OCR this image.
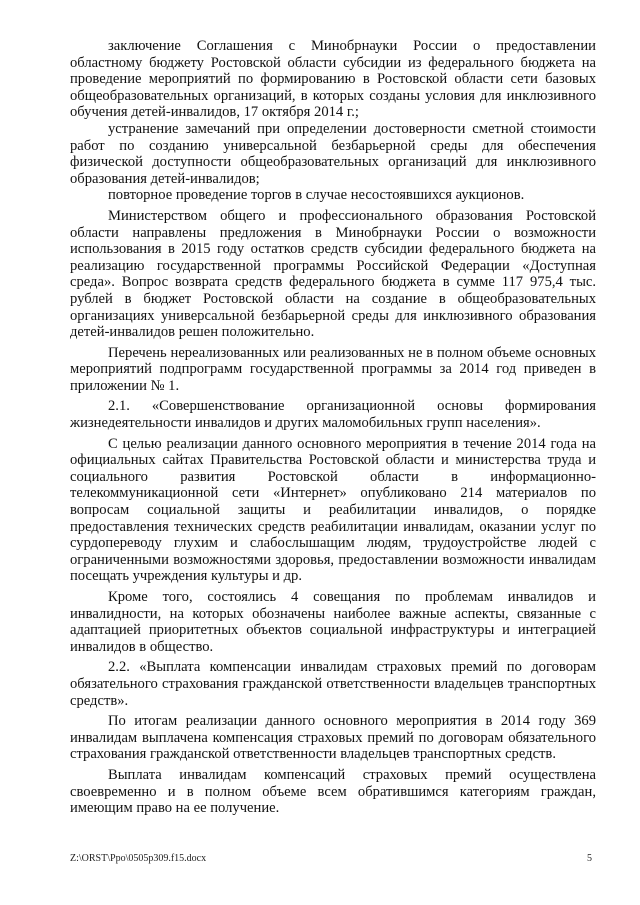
заключение Соглашения с Минобрнауки России о предоставлении областному бюджету Ростовской области субсидии из федерального бюджета на проведение мероприятий по формированию в Ростовской области сети базовых общеобразовательных организаций, в которых созданы условия для инклюзивного обучения детей-инвалидов, 17 октября 2014 г.;

устранение замечаний при определении достоверности сметной стоимости работ по созданию универсальной безбарьерной среды для обеспечения физической доступности общеобразовательных организаций для инклюзивного образования детей-инвалидов;

повторное проведение торгов в случае несостоявшихся аукционов.

Министерством общего и профессионального образования Ростовской области направлены предложения в Минобрнауки России о возможности использования в 2015 году остатков средств субсидии федерального бюджета на реализацию государственной программы Российской Федерации «Доступная среда». Вопрос возврата средств федерального бюджета в сумме 117 975,4 тыс. рублей в бюджет Ростовской области на создание в общеобразовательных организациях универсальной безбарьерной среды для инклюзивного образования детей-инвалидов решен положительно.

Перечень нереализованных или реализованных не в полном объеме основных мероприятий подпрограмм государственной программы за 2014 год приведен в приложении № 1.

2.1. «Совершенствование организационной основы формирования жизнедеятельности инвалидов и других маломобильных групп населения».

С целью реализации данного основного мероприятия в течение 2014 года на официальных сайтах Правительства Ростовской области и министерства труда и социального развития Ростовской области в информационно-телекоммуникационной сети «Интернет» опубликовано 214 материалов по вопросам социальной защиты и реабилитации инвалидов, о порядке предоставления технических средств реабилитации инвалидам, оказании услуг по сурдопереводу глухим и слабослышащим людям, трудоустройстве людей с ограниченными возможностями здоровья, предоставлении возможности инвалидам посещать учреждения культуры и др.

Кроме того, состоялись 4 совещания по проблемам инвалидов и инвалидности, на которых обозначены наиболее важные аспекты, связанные с адаптацией приоритетных объектов социальной инфраструктуры и интеграцией инвалидов в общество.

2.2. «Выплата компенсации инвалидам страховых премий по договорам обязательного страхования гражданской ответственности владельцев транспортных средств».

По итогам реализации данного основного мероприятия в 2014 году 369 инвалидам выплачена компенсация страховых премий по договорам обязательного страхования гражданской ответственности владельцев транспортных средств.

Выплата инвалидам компенсаций страховых премий осуществлена своевременно и в полном объеме всем обратившимся категориям граждан, имеющим право на ее получение.

Z:\ORST\Ppo\0505p309.f15.docx	5
